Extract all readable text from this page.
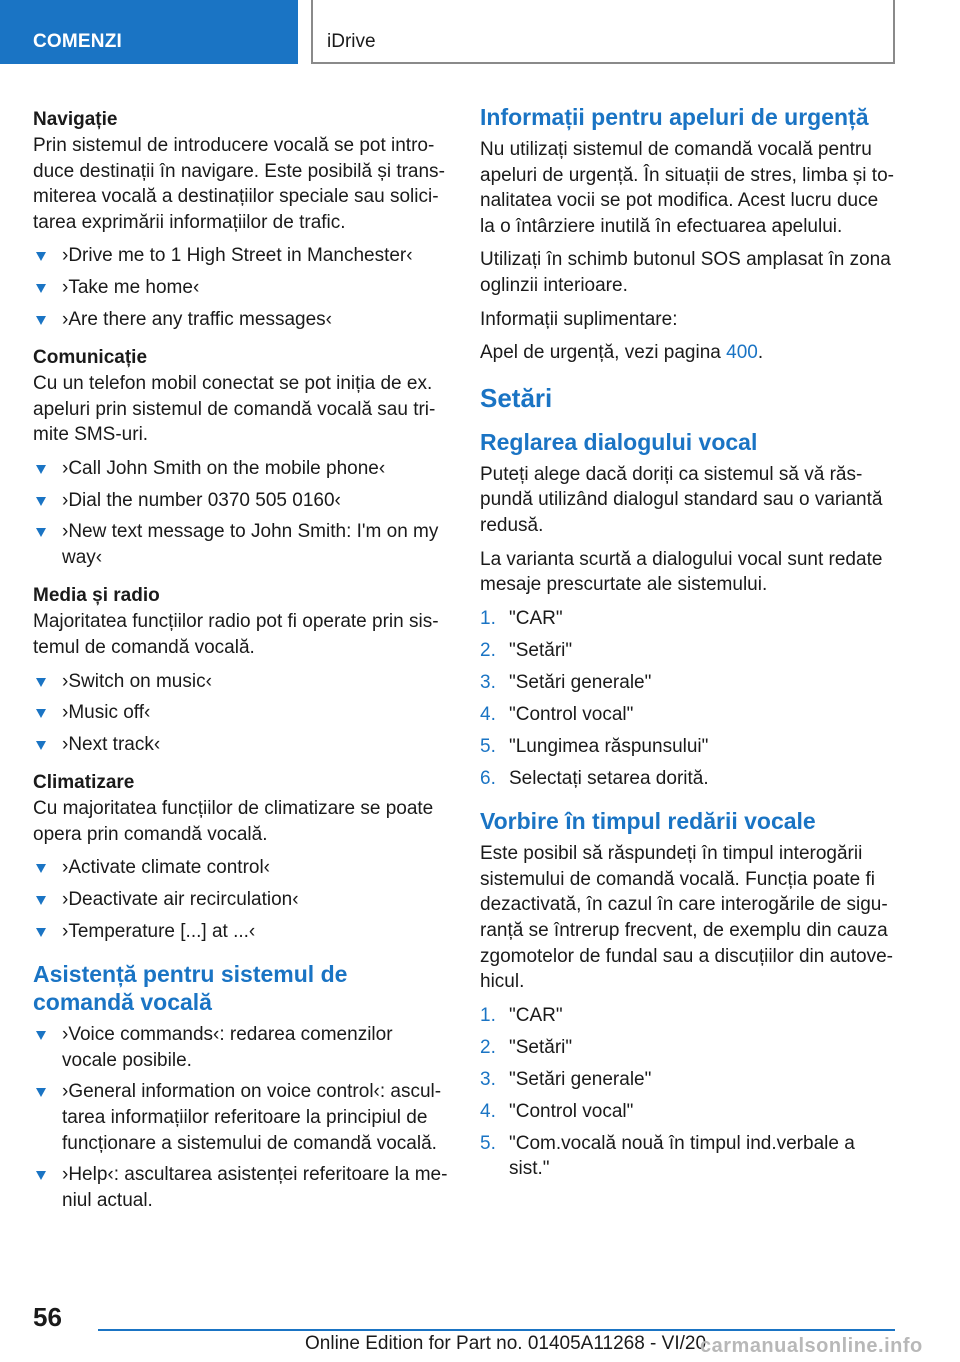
COMENZI	iDrive
Navigație

Prin sistemul de introducere vocală se pot introduce destinații în navigare. Este posibilă și transmiterea vocală a destinațiilor speciale sau solicitarea exprimării informațiilor de trafic.

›Drive me to 1 High Street in Manchester‹
›Take me home‹
›Are there any traffic messages‹
Comunicație

Cu un telefon mobil conectat se pot iniția de ex. apeluri prin sistemul de comandă vocală sau trimite SMS-uri.

›Call John Smith on the mobile phone‹
›Dial the number 0370 505 0160‹
›New text message to John Smith: I'm on my way‹
Media și radio

Majoritatea funcțiilor radio pot fi operate prin sistemul de comandă vocală.

›Switch on music‹
›Music off‹
›Next track‹
Climatizare

Cu majoritatea funcțiilor de climatizare se poate opera prin comandă vocală.

›Activate climate control‹
›Deactivate air recirculation‹
›Temperature [...] at ...‹
Asistență pentru sistemul de comandă vocală
›Voice commands‹: redarea comenzilor vocale posibile.
›General information on voice control‹: ascultarea informațiilor referitoare la principiul de funcționare a sistemului de comandă vocală.
›Help‹: ascultarea asistenței referitoare la meniul actual.
Informații pentru apeluri de urgență

Nu utilizați sistemul de comandă vocală pentru apeluri de urgență. În situații de stres, limba și tonalitatea vocii se pot modifica. Acest lucru duce la o întârziere inutilă în efectuarea apelului.

Utilizați în schimb butonul SOS amplasat în zona oglinzii interioare.

Informații suplimentare:

Apel de urgență, vezi pagina 400.

Setări
Reglarea dialogului vocal

Puteți alege dacă doriți ca sistemul să vă răspundă utilizând dialogul standard sau o variantă redusă.

La varianta scurtă a dialogului vocal sunt redate mesaje prescurtate ale sistemului.

1. "CAR"
2. "Setări"
3. "Setări generale"
4. "Control vocal"
5. "Lungimea răspunsului"
6. Selectați setarea dorită.
Vorbire în timpul redării vocale

Este posibil să răspundeți în timpul interogării sistemului de comandă vocală. Funcția poate fi dezactivată, în cazul în care interogările de siguranță se întrerup frecvent, de exemplu din cauza zgomotelor de fundal sau a discuțiilor din autovehicul.

1. "CAR"
2. "Setări"
3. "Setări generale"
4. "Control vocal"
5. "Com.vocală nouă în timpul ind.verbale a sist."
56
Online Edition for Part no. 01405A11268 - VI/20
carmanualsonline.info
